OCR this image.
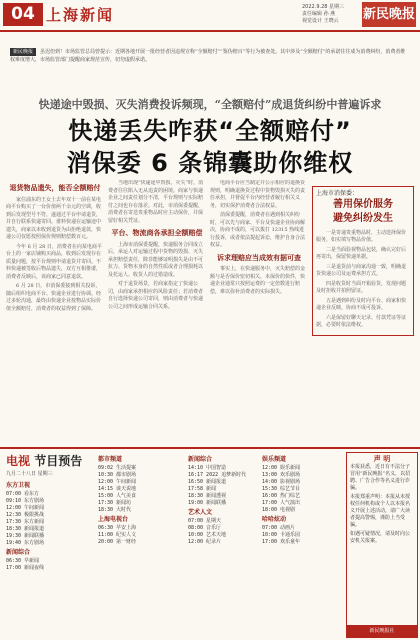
04 上海新闻	2022.9.28 星期三
责任编辑 孙 燕
视觉设计 王晓云	新民晚报
新民晚报 虽迟但到！市场监管总局曾提示：近期各地开展一批经营者因违规宣称“全额赔付”“鉴伪赔百”等行为被查处。其中涉及“全额赔付”的承诺往往成为消费纠纷，消费者维权难度增大，市场监管部门提醒商家规范宣传，切勿虚假承诺。
快递途中毁损、灭失消费投诉频现，“全额赔付”成退货纠纷中普遍诉求
快递丢失咋获“全额赔付”
消保委 6 条锦囊助你维权
退货物品遗失，能否全额赔付

家住浦东的王女士去年双十一前在某电商平台购买了一台价值两千余元的空调，收到后发现型号不符，遂通过平台申请退货，并自行联系快递寄回。谁料快递在运输途中遗失，商家以未收到退货为由拒绝退款，快递公司仅愿按照保价规则赔偿数百元。

今年 6 月 28 日，消费者在向某电商平台上的一家店铺购买商品，收到后发现存在质量问题，按平台规则申请退货并寄回。不料快递被签收后物品遗失，双方互相推诿，消费者反映后，该商家已同意退款。

6 月 28 日，市消保委接到相关投诉，随后组织电商平台、快递企业进行协调。经过多轮沟通，最终由快递企业按物品实际价值全额赔付，消费者的权益得到了保障。

当地出现“快递途中毁损、灭失”时，消费者往往陷入无从追责的困境。商家与快递企业之间责任划分不清，平台规则与实际赔付之间也存在落差。对此，市消保委提醒，消费者在寄送贵重物品时应主动保价，并保留好相关凭证。

平台、物流商各承担全额赔偿

上海市消保委提醒，快递服务合同成立后，承运人对运输过程中货物的毁损、灭失承担赔偿责任，除非能够证明损失是由不可抗力、货物本身的自然性质或者合理损耗以及托运人、收货人的过错造成。

对于退货场景，若商家指定了快递公司，由商家承担相应的风险责任；若消费者自行选择快递公司寄回，则由消费者与快递公司之间形成运输合同关系。

电商平台应当制定并公示相应的退换货规则，明确退换货过程中货物毁损灭失的责任承担，并督促平台内经营者履行相关义务，切实保护消费者合法权益。

消保委提醒，消费者在遇到相关纠纷时，可以先与商家、平台及快递企业协商解决，协商不成的，可以拨打 12315 热线进行投诉，或者依法提起诉讼，维护自身合法权益。

诉求理赔应当成效有据可查

事实上，在快递服务中，灭失赔偿的金额与是否保价密切相关。未保价的快件，快递企业通常只按照运费的一定倍数进行赔偿，难以弥补消费者的实际损失。

上海市消保委：
善用保价服务
避免纠纷发生

一是寄递贵重物品时，主动选择保价服务，如实填写物品价值。

二是当面验视物品包装，确认完好后再寄出，保留快递单据。

三是退货前与商家沟通一致，明确退货快递公司及运费承担方式。

四是收货时当面开箱验货，发现问题及时拒收并拍照留证。

五是遇到纠纷及时向平台、商家和快递企业反映，协商不成可投诉。

六是保留好聊天记录、付款凭证等证据，必要时依法维权。

电视 节目预告
九月二十八日 星期三
东方卫视
07:00 看东方
09:10 东方剧场
12:00 午间新闻
12:30 极限挑战
17:30 东方新闻
18:30 新闻报道
19:30 新闻联播
19:40 东方剧场
新闻综合
06:30 早新闻
17:00 新闻夜线
都市频道
09:02 生活提案
10:30 都市剧场
12:00 午间新闻
14:15 谈天说地
15:00 人气美食
17:30 新闻坊
18:30 大时代
上海电视台
06:30 早安上海
11:00 纪实人文
20:00 第一财经
新闻综合
14:10 中国智造
16:17 2022 追梦新时代
16:50 新闻报道
17:58 新闻
18:30 新闻透视
19:00 新闻联播
艺术人文
07:00 星期天
08:00 音乐厅
10:00 艺术天地
12:00 纪录片
娱乐频道
12:00 娱乐新闻
13:00 欢乐剧场
14:00 影视剧场
15:30 综艺节目
16:00 热门综艺
17:00 人气演出
18:00 电视剧
哈哈炫动
07:00 动画片
10:00 卡通乐园
17:00 欢乐童年
声 明

本报获悉，近日有不法分子冒用“新民晚报”名义，以招聘、广告合作等名义进行诈骗。

本报郑重声明：本报从未授权任何机构或个人以本报名义开展上述活动，请广大读者提高警惕，谨防上当受骗。

如遇可疑情况，请及时向公安机关报案。

新民晚报社
